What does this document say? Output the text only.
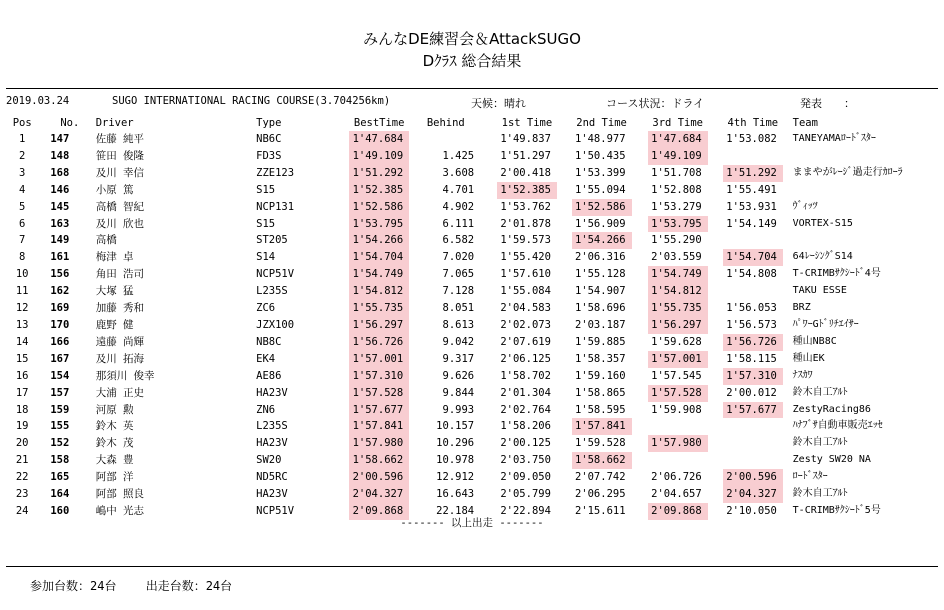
みんなDE練習会＆AttackSUGO
Dｸﾗｽ 総合結果
2019.03.24	SUGO INTERNATIONAL RACING COURSE(3.704256km)	天候：晴れ	コース状況：ドライ	発表　　：
Pos	No.	Driver	Type	BestTime	Behind	1st Time	2nd Time	3rd Time	4th Time	Team
1	147	佐藤 純平	NB6C	1'47.684		1'49.837	1'48.977	1'47.684	1'53.082	TANEYAMAﾛｰﾄﾞｽﾀｰ
2	148	笹田 俊隆	FD3S	1'49.109	1.425	1'51.297	1'50.435	1'49.109		
3	168	及川 幸信	ZZE123	1'51.292	3.608	2'00.418	1'53.399	1'51.708	1'51.292	ままやがﾚｰｼﾞ過走行ｶﾛｰﾗ
4	146	小原 篤	S15	1'52.385	4.701	1'52.385	1'55.094	1'52.808	1'55.491	
5	145	高橋 智紀	NCP131	1'52.586	4.902	1'53.762	1'52.586	1'53.279	1'53.931	ｳﾞｨｯﾂ
6	163	及川 欣也	S15	1'53.795	6.111	2'01.878	1'56.909	1'53.795	1'54.149	VORTEX-S15
7	149	高橋	ST205	1'54.266	6.582	1'59.573	1'54.266	1'55.290		
8	161	梅津 卓	S14	1'54.704	7.020	1'55.420	2'06.316	2'03.559	1'54.704	64ﾚｰｼﾝｸﾞS14
10	156	角田 浩司	NCP51V	1'54.749	7.065	1'57.610	1'55.128	1'54.749	1'54.808	T-CRIMBｻｸｼｰﾄﾞ4号
11	162	大塚 猛	L235S	1'54.812	7.128	1'55.084	1'54.907	1'54.812		TAKU ESSE
12	169	加藤 秀和	ZC6	1'55.735	8.051	2'04.583	1'58.696	1'55.735	1'56.053	BRZ
13	170	鹿野 健	JZX100	1'56.297	8.613	2'02.073	2'03.187	1'56.297	1'56.573	ﾊﾟﾜｰGﾄﾞﾘﾁｴｲｻｰ
14	166	遠藤 尚輝	NB8C	1'56.726	9.042	2'07.619	1'59.885	1'59.628	1'56.726	種山NB8C
15	167	及川 拓海	EK4	1'57.001	9.317	2'06.125	1'58.357	1'57.001	1'58.115	種山EK
16	154	那須川 俊幸	AE86	1'57.310	9.626	1'58.702	1'59.160	1'57.545	1'57.310	ﾅｽｶﾜ
17	157	大浦 正史	HA23V	1'57.528	9.844	2'01.304	1'58.865	1'57.528	2'00.012	鈴木自工ｱﾙﾄ
18	159	河原 勲	ZN6	1'57.677	9.993	2'02.764	1'58.595	1'59.908	1'57.677	ZestyRacing86
19	155	鈴木 英	L235S	1'57.841	10.157	1'58.206	1'57.841			ﾊﾅﾌﾞｻ自動車販売ｴｯｾ
20	152	鈴木 茂	HA23V	1'57.980	10.296	2'00.125	1'59.528	1'57.980		鈴木自工ｱﾙﾄ
21	158	大森 豊	SW20	1'58.662	10.978	2'03.750	1'58.662			Zesty SW20 NA
22	165	阿部 洋	ND5RC	2'00.596	12.912	2'09.050	2'07.742	2'06.726	2'00.596	ﾛｰﾄﾞｽﾀｰ
23	164	阿部 照良	HA23V	2'04.327	16.643	2'05.799	2'06.295	2'04.657	2'04.327	鈴木自工ｱﾙﾄ
24	160	嶋中 光志	NCP51V	2'09.868	22.184	2'22.894	2'15.611	2'09.868	2'10.050	T-CRIMBｻｸｼｰﾄﾞ5号
------- 以上出走 -------
参加台数：24台 出走台数：24台
